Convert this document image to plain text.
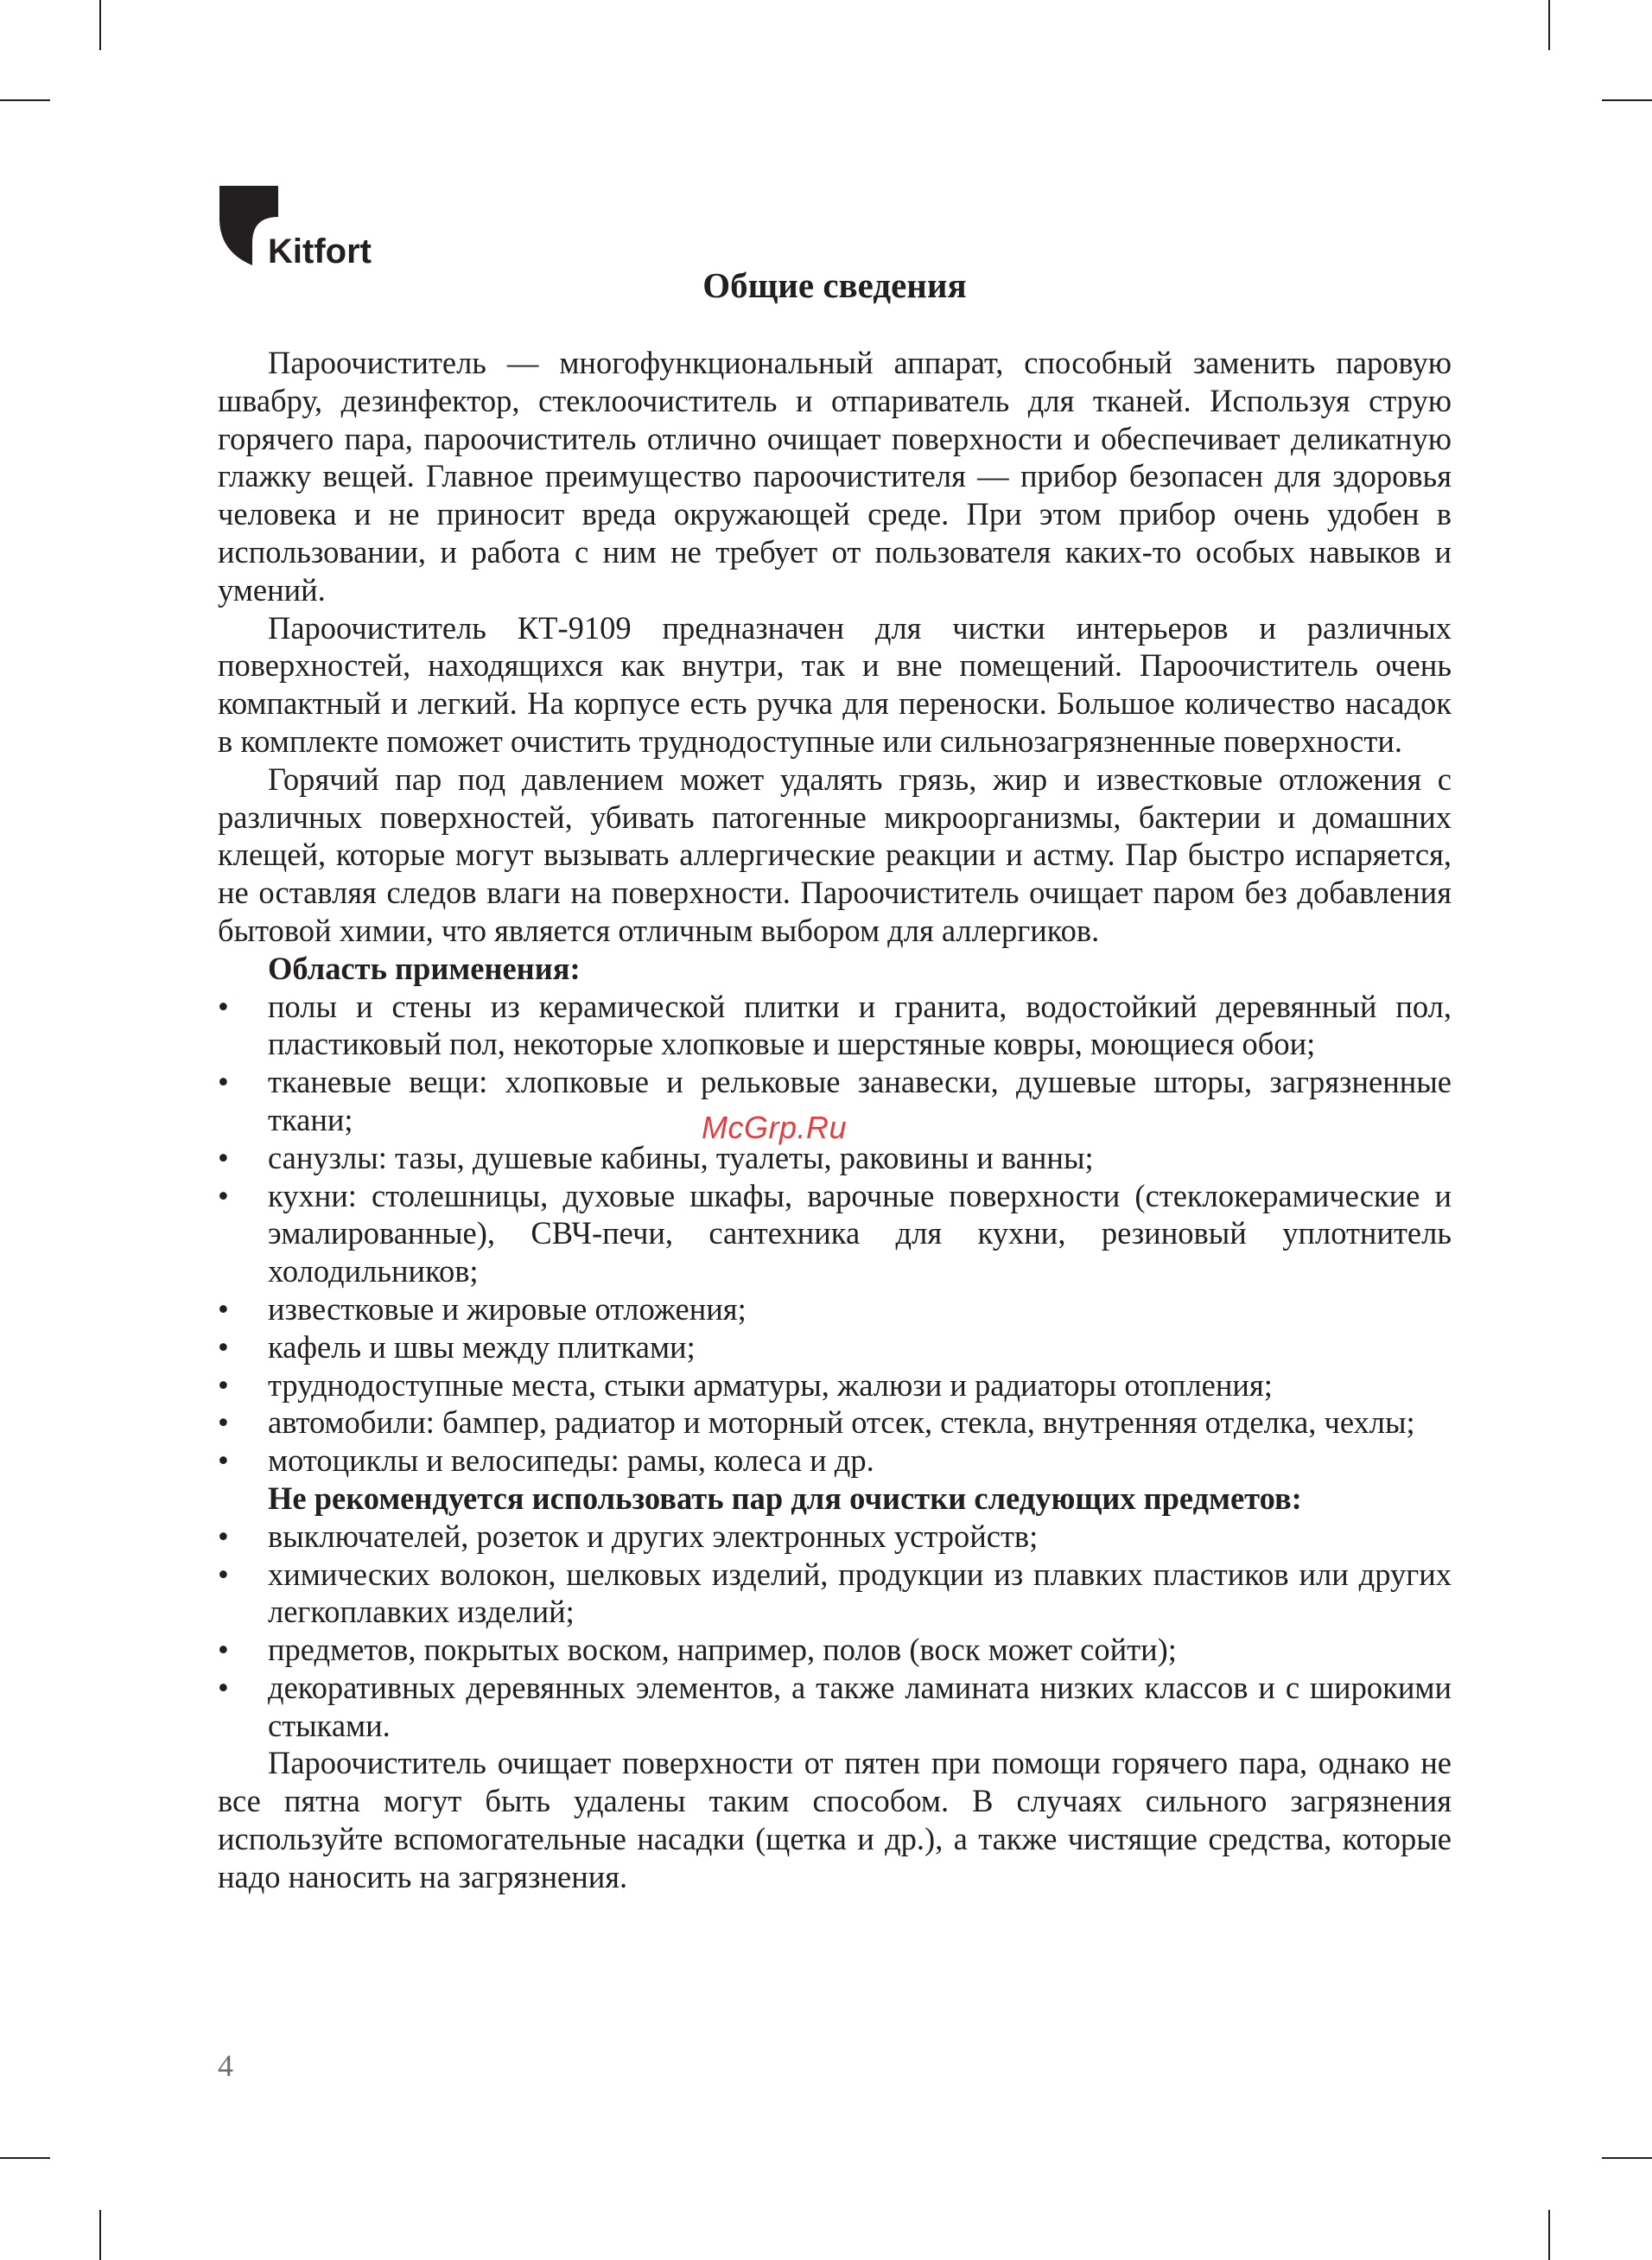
Kitfort
McGrp.Ru
Общие сведения

Пароочиститель — многофункциональный аппарат, способный заменить паровую швабру, дезинфектор, стеклоочиститель и отпариватель для тканей. Используя струю горячего пара, пароочиститель отлично очищает поверхности и обеспечивает деликатную глажку вещей. Главное преимущество пароочистителя — прибор безопасен для здоровья человека и не приносит вреда окружающей среде. При этом прибор очень удобен в использовании, и работа с ним не требует от пользователя каких-то особых навыков и умений.

Пароочиститель КТ-9109 предназначен для чистки интерьеров и различных поверхностей, находящихся как внутри, так и вне помещений. Пароочиститель очень компактный и легкий. На корпусе есть ручка для переноски. Большое количество насадок в комплекте поможет очистить труднодоступные или сильнозагрязненные поверхности.

Горячий пар под давлением может удалять грязь, жир и известковые отложения с различных поверхностей, убивать патогенные микроорганизмы, бактерии и домашних клещей, которые могут вызывать аллергические реакции и астму. Пар быстро испаряется, не оставляя следов влаги на поверхности. Пароочиститель очищает паром без добавления бытовой химии, что является отличным выбором для аллергиков.

Область применения:
• полы и стены из керамической плитки и гранита, водостойкий деревянный пол, пластиковый пол, некоторые хлопковые и шерстяные ковры, моющиеся обои;
• тканевые вещи: хлопковые и рельковые занавески, душевые шторы, загрязненные ткани;
• санузлы: тазы, душевые кабины, туалеты, раковины и ванны;
• кухни: столешницы, духовые шкафы, варочные поверхности (стеклокерамические и эмалированные), СВЧ-печи, сантехника для кухни, резиновый уплотнитель холодильников;
• известковые и жировые отложения;
• кафель и швы между плитками;
• труднодоступные места, стыки арматуры, жалюзи и радиаторы отопления;
• автомобили: бампер, радиатор и моторный отсек, стекла, внутренняя отделка, чехлы;
• мотоциклы и велосипеды: рамы, колеса и др.
Не рекомендуется использовать пар для очистки следующих предметов:
• выключателей, розеток и других электронных устройств;
• химических волокон, шелковых изделий, продукции из плавких пластиков или других легкоплавких изделий;
• предметов, покрытых воском, например, полов (воск может сойти);
• декоративных деревянных элементов, а также ламината низких классов и с широкими стыками.

Пароочиститель очищает поверхности от пятен при помощи горячего пара, однако не все пятна могут быть удалены таким способом. В случаях сильного загрязнения используйте вспомогательные насадки (щетка и др.), а также чистящие средства, которые надо наносить на загрязнения.

4
